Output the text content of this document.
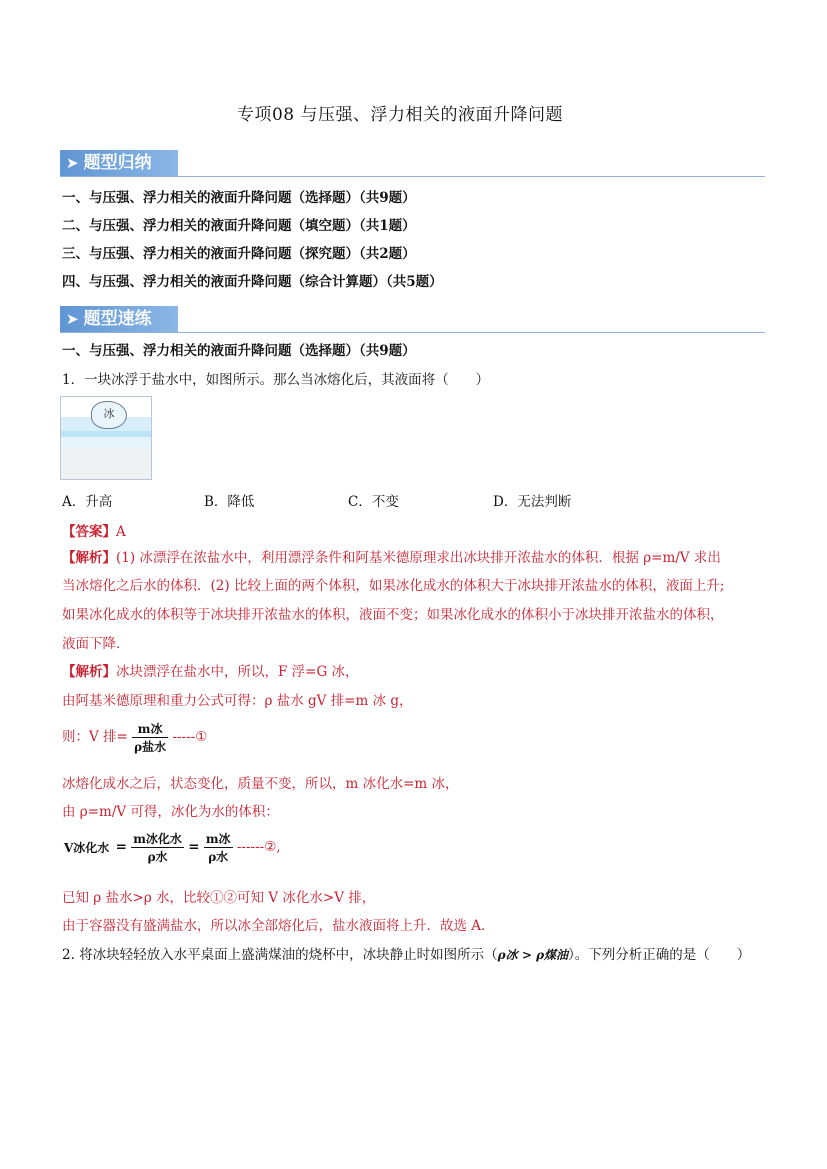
专项08 与压强、浮力相关的液面升降问题
➤ 题型归纳
一、与压强、浮力相关的液面升降问题（选择题）（共9题）
二、与压强、浮力相关的液面升降问题（填空题）（共1题）
三、与压强、浮力相关的液面升降问题（探究题）（共2题）
四、与压强、浮力相关的液面升降问题（综合计算题）（共5题）
➤ 题型速练
一、与压强、浮力相关的液面升降问题（选择题）（共9题）
1．一块冰浮于盐水中，如图所示。那么当冰熔化后，其液面将（　　）
冰
A．升高	B．降低	C．不变	D．无法判断
【答案】A
【解析】(1) 冰漂浮在浓盐水中，利用漂浮条件和阿基米德原理求出冰块排开浓盐水的体积．根据 ρ=m/V 求出
当冰熔化之后水的体积．(2) 比较上面的两个体积，如果冰化成水的体积大于冰块排开浓盐水的体积，液面上升;
如果冰化成水的体积等于冰块排开浓盐水的体积，液面不变；如果冰化成水的体积小于冰块排开浓盐水的体积，
液面下降．
【解析】冰块漂浮在盐水中，所以，F 浮=G 冰，
由阿基米德原理和重力公式可得：ρ 盐水 gV 排=m 冰 g，
则：V 排= $\frac{\text{m冰}}{\text{ρ盐水}}$ -----①
冰熔化成水之后，状态变化，质量不变，所以，m 冰化水=m 冰，
由 ρ=m/V 可得，冰化为水的体积：
V冰化水 = $\frac{\text{m冰化水}}{\text{ρ水}} = \frac{\text{m冰}}{\text{ρ水}}$ ------②,
已知 ρ 盐水>ρ 水，比较①②可知 V 冰化水>V 排，
由于容器没有盛满盐水，所以冰全部熔化后，盐水液面将上升．故选 A．
2. 将冰块轻轻放入水平桌面上盛满煤油的烧杯中，冰块静止时如图所示（ρ冰 > ρ煤油）。下列分析正确的是（　　）
